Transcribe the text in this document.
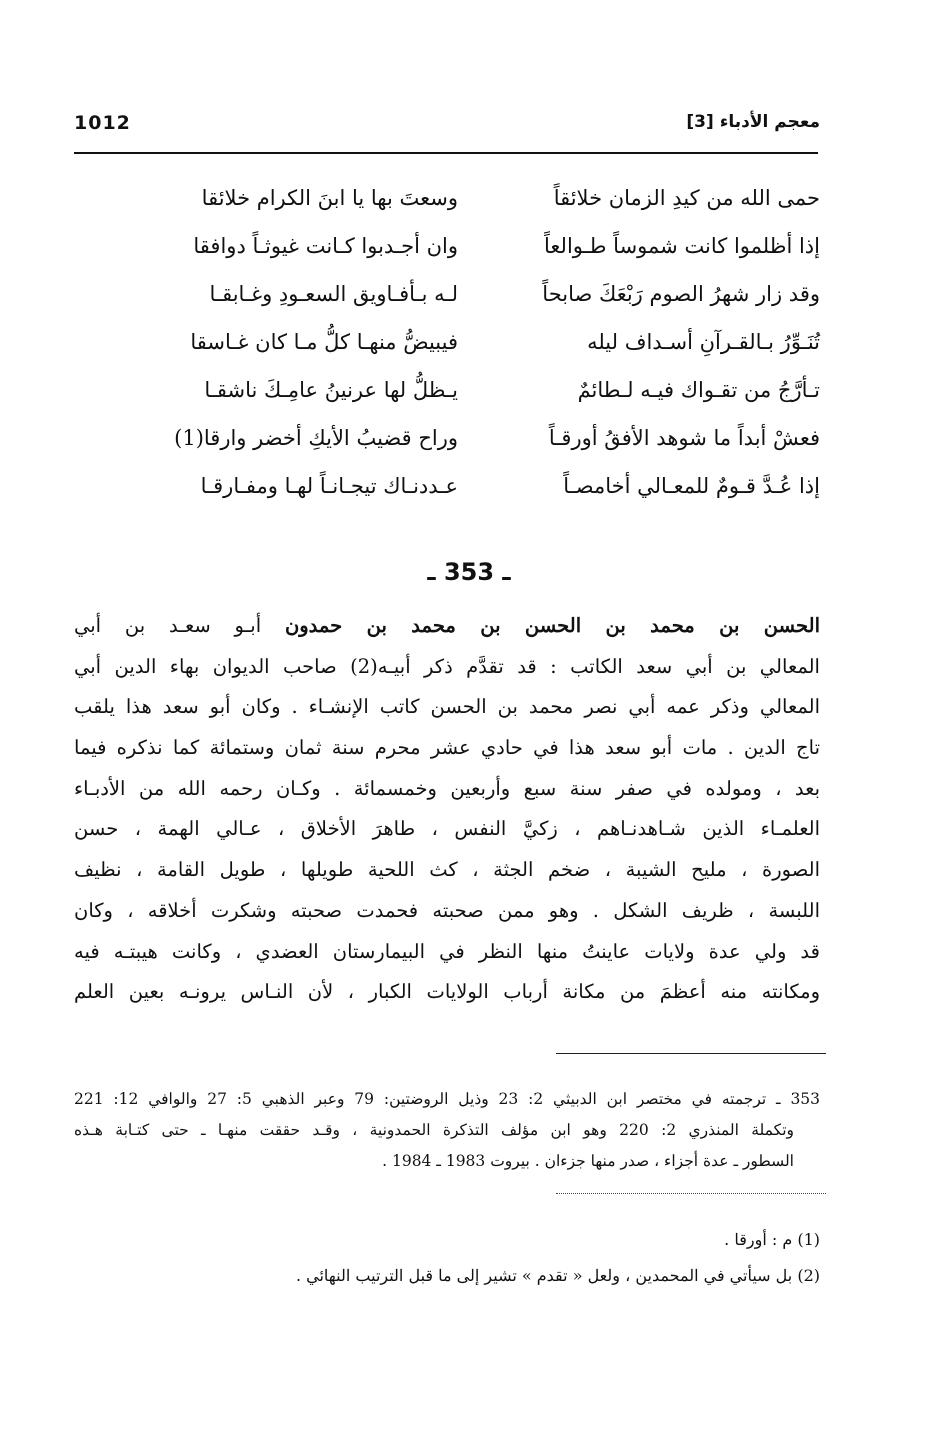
1012	معجم الأدباء [3]
حمى الله من كيدِ الزمان خلائقاً
وسعتَ بها يا ابنَ الكرام خلائقا
إذا أظلموا كانت شموساً طـوالعاً
وان أجـدبوا كـانت غيوثـاً دوافقا
وقد زار شهرُ الصوم رَبْعَكَ صابحاً
لـه بـأفـاويق السعـودِ وغـابقـا
تُنَـوِّرُ بـالقـرآنِ أسـداف ليله
فيبيضُّ منهـا كلُّ مـا كان غـاسقا
تـأرَّجُ من تقـواك فيـه لـطائمٌ
يـظلُّ لها عرنينُ عامِـكَ ناشقـا
فعشْ أبداً ما شوهد الأفقُ أورقـاً
وراح قضيبُ الأيكِ أخضر وارقا(1)
إذا عُـدَّ قـومٌ للمعـالي أخامصـاً
عـددنـاك تيجـانـاً لهـا ومفـارقـا
ـ 353 ـ
الحسن بن محمد بن الحسن بن محمد بن حمدون أبـو سعـد بن أبي
المعالي بن أبي سعد الكاتب : قد تقدَّم ذكر أبيـه(2) صاحب الديوان بهاء الدين أبي
المعالي وذكر عمه أبي نصر محمد بن الحسن كاتب الإنشـاء . وكان أبو سعد هذا يلقب
تاج الدين . مات أبو سعد هذا في حادي عشر محرم سنة ثمان وستمائة كما نذكره فيما
بعد ، ومولده في صفر سنة سبع وأربعين وخمسمائة . وكـان رحمه الله من الأدبـاء
العلمـاء الذين شـاهدنـاهم ، زكيَّ النفس ، طاهرَ الأخلاق ، عـالي الهمة ، حسن
الصورة ، مليح الشيبة ، ضخم الجثة ، كث اللحية طويلها ، طويل القامة ، نظيف
اللبسة ، ظريف الشكل . وهو ممن صحبته فحمدت صحبته وشكرت أخلاقه ، وكان
قد ولي عدة ولايات عاينتُ منها النظر في البيمارستان العضدي ، وكانت هيبتـه فيه
ومكانته منه أعظمَ من مكانة أرباب الولايات الكبار ، لأن النـاس يرونـه بعين العلم
353 ـ ترجمته في مختصر ابن الدبيثي 2: 23 وذيل الروضتين: 79 وعبر الذهبي 5: 27 والوافي 12: 221
وتكملة المنذري 2: 220 وهو ابن مؤلف التذكرة الحمدونية ، وقـد حققت منهـا ـ حتى كتـابة هـذه
السطور ـ عدة أجزاء ، صدر منها جزءان . بيروت 1983 ـ 1984 .
(1) م : أورقا .
(2) بل سيأتي في المحمدين ، ولعل « تقدم » تشير إلى ما قبل الترتيب النهائي .
